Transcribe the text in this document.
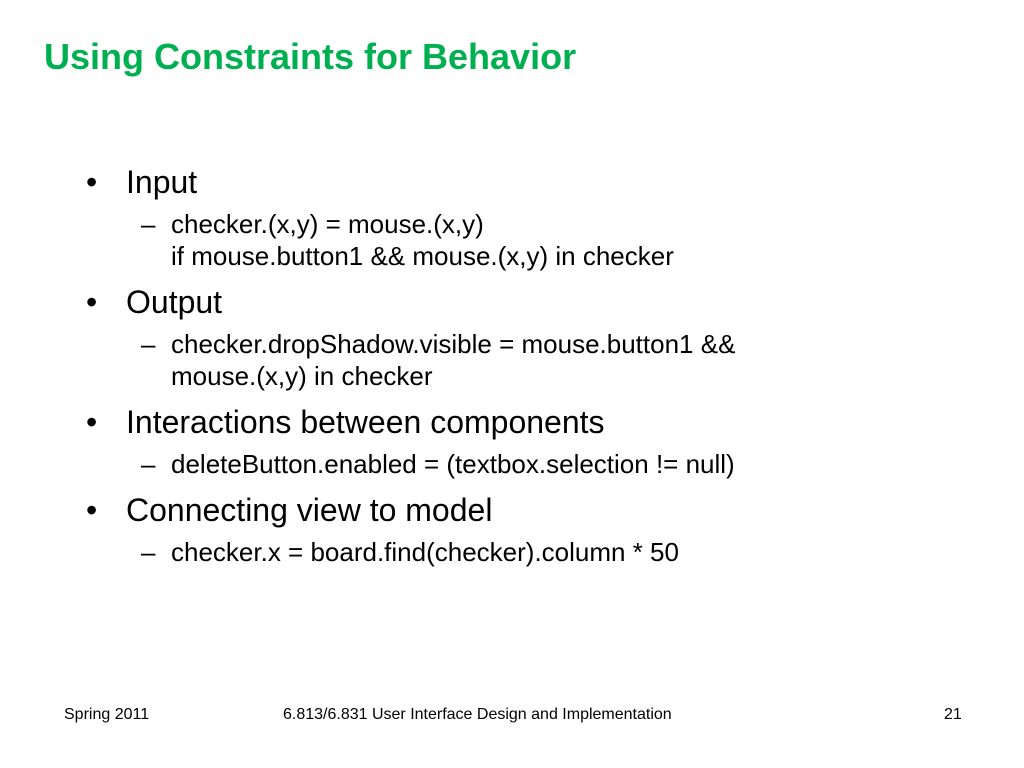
Using Constraints for Behavior
• Input
– checker.(x,y) = mouse.(x,y)
if mouse.button1 && mouse.(x,y) in checker
• Output
– checker.dropShadow.visible = mouse.button1 &&
mouse.(x,y) in checker
• Interactions between components
– deleteButton.enabled = (textbox.selection != null)
• Connecting view to model
– checker.x = board.find(checker).column * 50
Spring 2011	6.813/6.831 User Interface Design and Implementation	21
